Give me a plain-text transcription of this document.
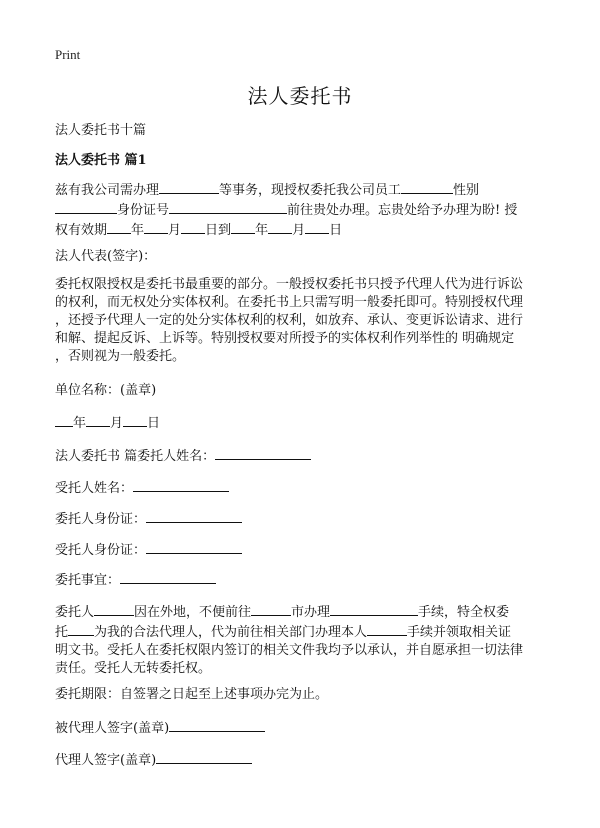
Print
法人委托书

法人委托书十篇

法人委托书 篇1

兹有我公司需办理	等事务，现授权委托我公司员工	性别
身份证号	前往贵处办理。忘贵处给予办理为盼! 授
权有效期 年 月 日到 年 月 日

法人代表(签字)：

委托权限授权是委托书最重要的部分。一般授权委托书只授予代理人代为进行诉讼
的权利，而无权处分实体权利。在委托书上只需写明一般委托即可。特别授权代理
，还授予代理人一定的处分实体权利的权利，如放弃、承认、变更诉讼请求、进行
和解、提起反诉、上诉等。特别授权要对所授予的实体权利作列举性的 明确规定
，否则视为一般委托。

单位名称：(盖章)

年 月 日

法人委托书 篇委托人姓名：

受托人姓名：

委托人身份证：

受托人身份证：

委托事宜：

委托人	因在外地，不便前往	市办理	手续，特全权委
托 为我的合法代理人，代为前往相关部门办理本人	手续并领取相关证
明文书。受托人在委托权限内签订的相关文件我均予以承认，并自愿承担一切法律
责任。受托人无转委托权。

委托期限：自签署之日起至上述事项办完为止。

被代理人签字(盖章)

代理人签字(盖章)
